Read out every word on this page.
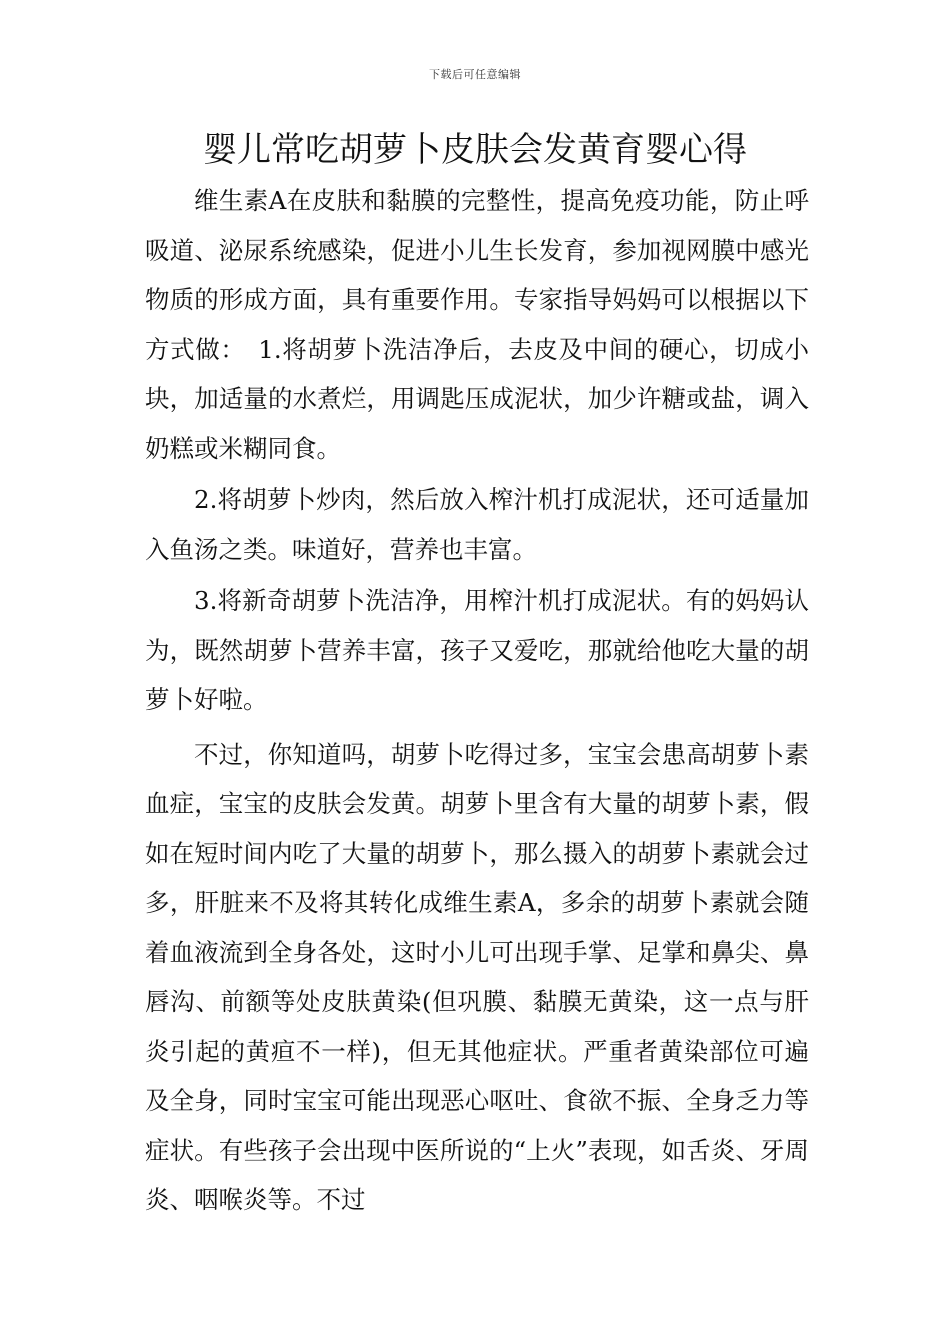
下载后可任意编辑
婴儿常吃胡萝卜皮肤会发黄育婴心得

维生素A在皮肤和黏膜的完整性，提高免疫功能，防止呼吸道、泌尿系统感染，促进小儿生长发育，参加视网膜中感光物质的形成方面，具有重要作用。专家指导妈妈可以根据以下方式做：　1.将胡萝卜洗洁净后，去皮及中间的硬心，切成小块，加适量的水煮烂，用调匙压成泥状，加少许糖或盐，调入奶糕或米糊同食。

2.将胡萝卜炒肉，然后放入榨汁机打成泥状，还可适量加入鱼汤之类。味道好，营养也丰富。

3.将新奇胡萝卜洗洁净，用榨汁机打成泥状。有的妈妈认为，既然胡萝卜营养丰富，孩子又爱吃，那就给他吃大量的胡萝卜好啦。

不过，你知道吗，胡萝卜吃得过多，宝宝会患高胡萝卜素血症，宝宝的皮肤会发黄。胡萝卜里含有大量的胡萝卜素，假如在短时间内吃了大量的胡萝卜，那么摄入的胡萝卜素就会过多，肝脏来不及将其转化成维生素A，多余的胡萝卜素就会随着血液流到全身各处，这时小儿可出现手掌、足掌和鼻尖、鼻唇沟、前额等处皮肤黄染(但巩膜、黏膜无黄染，这一点与肝炎引起的黄疸不一样)，但无其他症状。严重者黄染部位可遍及全身，同时宝宝可能出现恶心呕吐、食欲不振、全身乏力等症状。有些孩子会出现中医所说的“上火”表现，如舌炎、牙周炎、咽喉炎等。不过
